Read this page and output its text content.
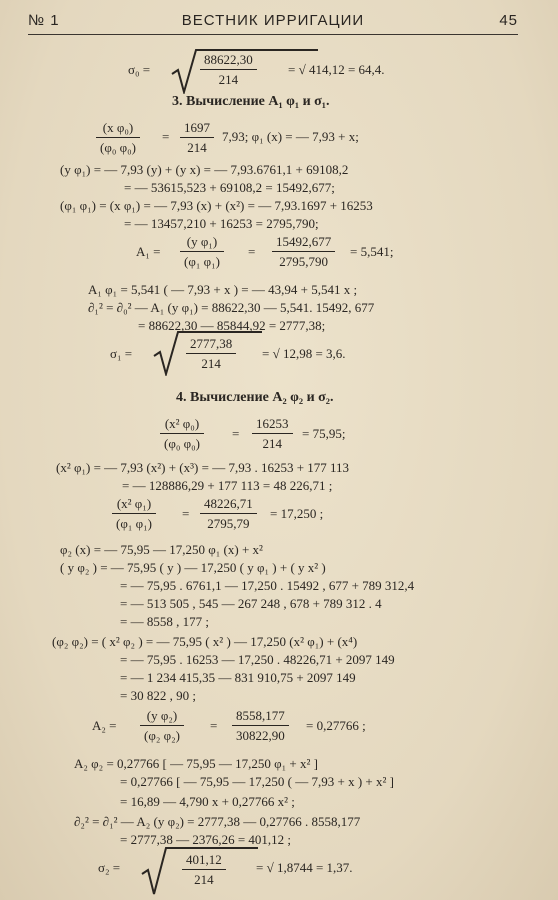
№ 1	ВЕСТНИК ИРРИГАЦИИ	45
σ₀ =	$\frac{88622,30}{214}$ = √ 414,12 = 64,4.
3. Вычисление A₁ φ₁ и σ₁.
$\frac{\text{(x φ₀)}}{\text{(φ₀ φ₀)}} = \frac{1697}{214} 7,93$; φ₁ (x) = — 7,93 + x;
(y φ₁) = — 7,93 (y) + (y x) = — 7,93.6761,1 + 69108,2
= — 53615,523 + 69108,2 = 15492,677;
(φ₁ φ₁) = (x φ₁) = — 7,93 (x) + (x²) = — 7,93.1697 + 16253
= — 13457,210 + 16253 = 2795,790;
$A_1 = \frac{\text{(y φ₁)}}{\text{(φ₁ φ₁)}} = \frac{15492,677}{2795,790} = 5,541$;
A₁ φ₁ = 5,541 ( — 7,93 + x ) = — 43,94 + 5,541 x ;
∂₁² = ∂₀² — A₁ (y φ₁) = 88622,30 — 5,541. 15492, 677
= 88622,30 — 85844,92 = 2777,38;
σ₁ =	$\frac{2777,38}{214}$ = √ 12,98 = 3,6.
4. Вычисление A₂ φ₂ и σ₂.
$\frac{\text{(x² φ₀)}}{\text{(φ₀ φ₀)}} = \frac{16253}{214} = 75,95$;
(x² φ₁) = — 7,93 (x²) + (x³) = — 7,93 . 16253 + 177 113
= — 128886,29 + 177 113 = 48 226,71 ;
$\frac{\text{(x² φ₁)}}{\text{(φ₁ φ₁)}} = \frac{48226,71}{2795,79} = 17,250$ ;
φ₂ (x) = — 75,95 — 17,250 φ₁ (x) + x²
( y φ₂ ) = — 75,95 ( y ) — 17,250 ( y φ₁ ) + ( y x² )
= — 75,95 . 6761,1 — 17,250 . 15492 , 677 + 789 312,4
= — 513 505 , 545 — 267 248 , 678 + 789 312 . 4
= — 8558 , 177 ;
(φ₂ φ₂) = ( x² φ₂ ) = — 75,95 ( x² ) — 17,250 (x² φ₁) + (x⁴)
= — 75,95 . 16253 — 17,250 . 48226,71 + 2097 149
= — 1 234 415,35 — 831 910,75 + 2097 149
= 30 822 , 90 ;
$A_2 = \frac{\text{(y φ₂)}}{\text{(φ₂ φ₂)}} = \frac{8558,177}{30822,90} = 0,27766$ ;
A₂ φ₂ = 0,27766 [ — 75,95 — 17,250 φ₁ + x² ]
= 0,27766 [ — 75,95 — 17,250 ( — 7,93 + x ) + x² ]
= 16,89 — 4,790 x + 0,27766 x² ;
∂₂² = ∂₁² — A₂ (y φ₂) = 2777,38 — 0,27766 . 8558,177
= 2777,38 — 2376,26 = 401,12 ;
σ₂ =	$\frac{401,12}{214}$ = √ 1,8744 = 1,37.
